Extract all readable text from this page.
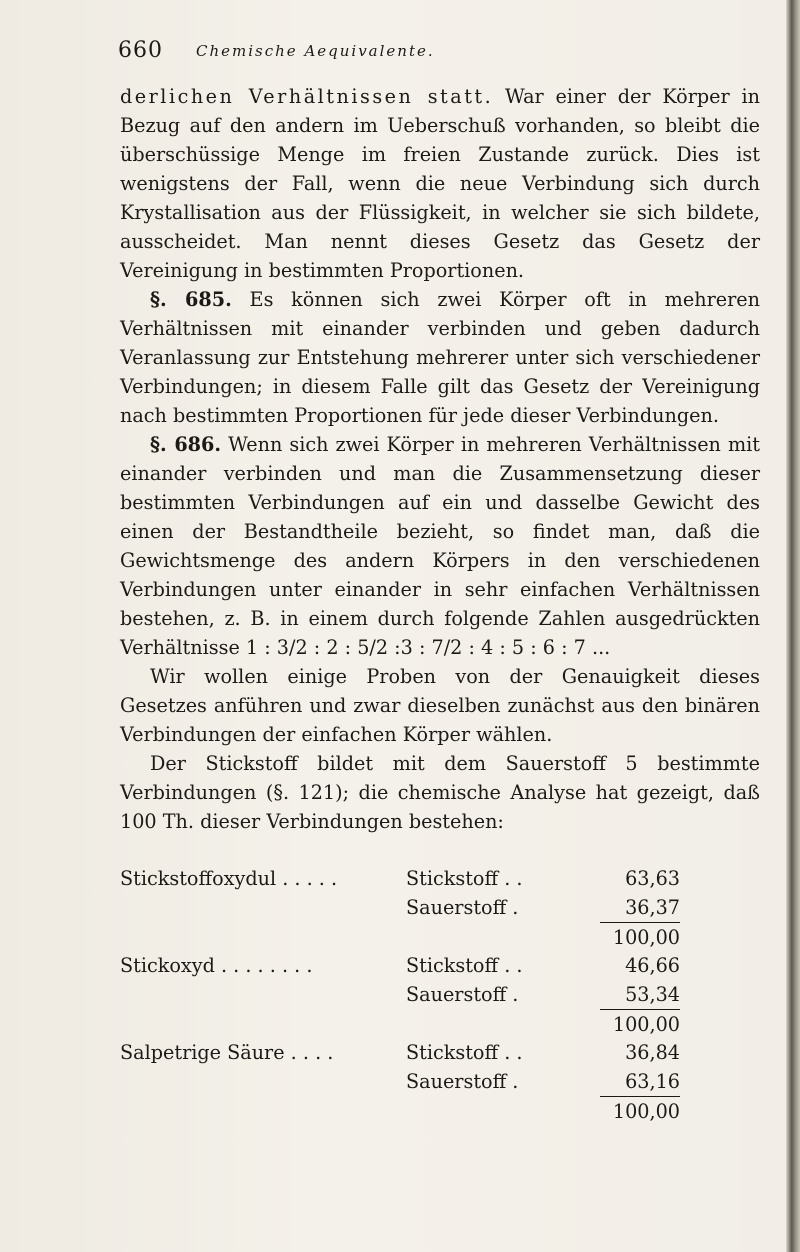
660 Chemische Aequivalente.

derlichen Verhältnissen statt. War einer der Körper in Bezug auf den andern im Ueberschuß vorhanden, so bleibt die überschüssige Menge im freien Zustande zurück. Dies ist wenigstens der Fall, wenn die neue Verbindung sich durch Krystallisation aus der Flüssigkeit, in welcher sie sich bildete, ausscheidet. Man nennt dieses Gesetz das Gesetz der Vereinigung in bestimmten Proportionen.

§. 685. Es können sich zwei Körper oft in mehreren Verhältnissen mit einander verbinden und geben dadurch Veranlassung zur Entstehung mehrerer unter sich verschiedener Verbindungen; in diesem Falle gilt das Gesetz der Vereinigung nach bestimmten Proportionen für jede dieser Verbindungen.

§. 686. Wenn sich zwei Körper in mehreren Verhältnissen mit einander verbinden und man die Zusammensetzung dieser bestimmten Verbindungen auf ein und dasselbe Gewicht des einen der Bestandtheile bezieht, so findet man, daß die Gewichtsmenge des andern Körpers in den verschiedenen Verbindungen unter einander in sehr einfachen Verhältnissen bestehen, z. B. in einem durch folgende Zahlen ausgedrückten Verhältnisse 1 : 3/2 : 2 : 5/2 :3 : 7/2 : 4 : 5 : 6 : 7 ...

Wir wollen einige Proben von der Genauigkeit dieses Gesetzes anführen und zwar dieselben zunächst aus den binären Verbindungen der einfachen Körper wählen.

Der Stickstoff bildet mit dem Sauerstoff 5 bestimmte Verbindungen (§. 121); die chemische Analyse hat gezeigt, daß 100 Th. dieser Verbindungen bestehen:

Stickstoffoxydul . . . . .	Stickstoff . .	63,63
Sauerstoff .	36,37
100,00
Stickoxyd . . . . . . . .	Stickstoff . .	46,66
Sauerstoff .	53,34
100,00
Salpetrige Säure . . . .	Stickstoff . .	36,84
Sauerstoff .	63,16
100,00
